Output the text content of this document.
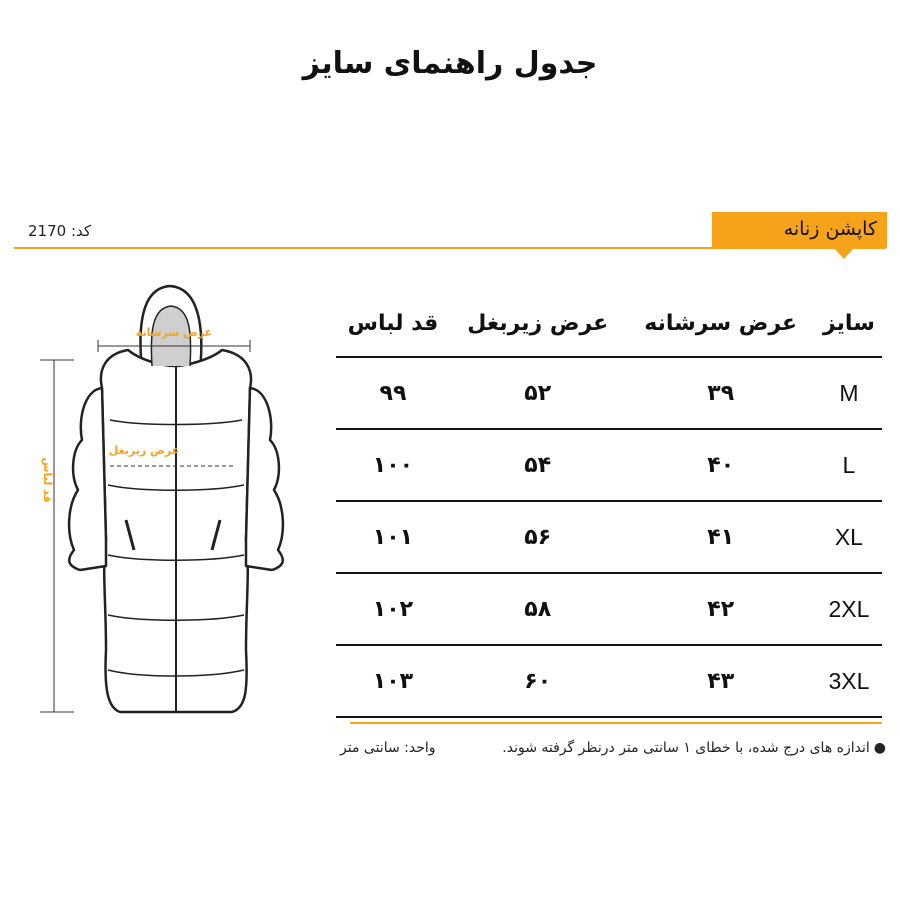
جدول راهنمای سایز
کد: 2170	کاپشن زنانه
عرض سرشانه
عرض زیربغل
قد لباس
سایز	عرض سرشانه	عرض زیربغل	قد لباس
M	۳۹	۵۲	۹۹
L	۴۰	۵۴	۱۰۰
XL	۴۱	۵۶	۱۰۱
2XL	۴۲	۵۸	۱۰۲
3XL	۴۳	۶۰	۱۰۳
●اندازه های درج شده، با خطای ۱ سانتی متر درنظر گرفته شوند.
واحد: سانتی متر
